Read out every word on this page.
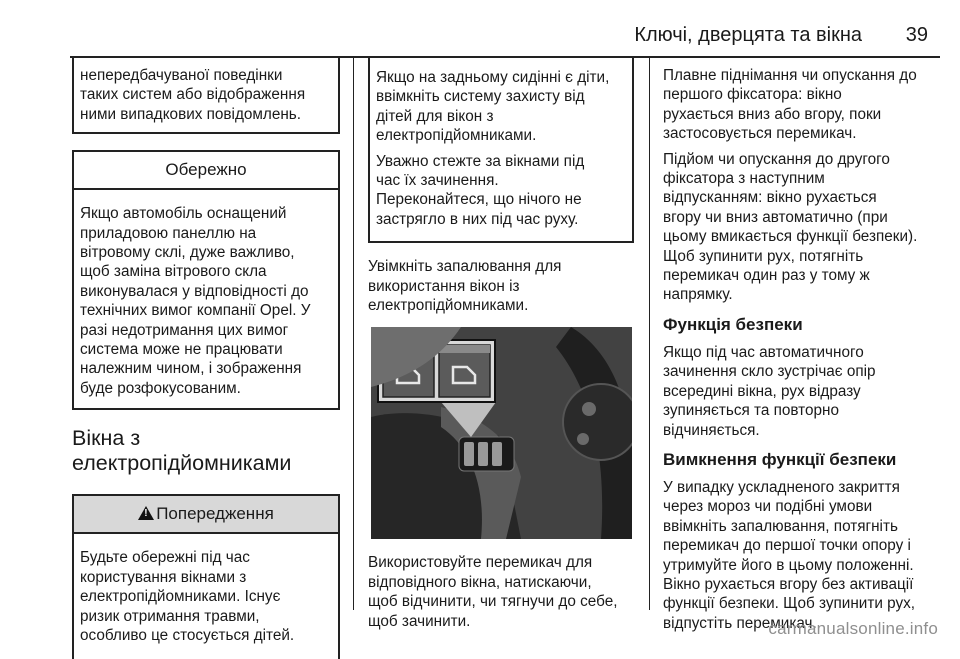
Ключі, дверцята та вікна 39
непередбачуваної поведінки
таких систем або відображення
ними випадкових повідомлень.
Обережно
Якщо автомобіль оснащений
приладовою панеллю на
вітровому склі, дуже важливо,
щоб заміна вітрового скла
виконувалася у відповідності до
технічних вимог компанії Opel. У
разі недотримання цих вимог
система може не працювати
належним чином, і зображення
буде розфокусованим.
Вікна з
електропідйомниками
! Попередження
Будьте обережні під час
користування вікнами з
електропідйомниками. Існує
ризик отримання травми,
особливо це стосується дітей.

Якщо на задньому сидінні є діти,
ввімкніть систему захисту від
дітей для вікон з
електропідйомниками.

Уважно стежте за вікнами під
час їх зачинення.
Переконайтеся, що нічого не
застрягло в них під час руху.

Увімкніть запалювання для
використання вікон із
електропідйомниками.

Використовуйте перемикач для
відповідного вікна, натискаючи,
щоб відчинити, чи тягнучи до себе,
щоб зачинити.

Плавне піднімання чи опускання до
першого фіксатора: вікно
рухається вниз або вгору, поки
застосовується перемикач.

Підйом чи опускання до другого
фіксатора з наступним
відпусканням: вікно рухається
вгору чи вниз автоматично (при
цьому вмикається функції безпеки).
Щоб зупинити рух, потягніть
перемикач один раз у тому ж
напрямку.

Функція безпеки

Якщо під час автоматичного
зачинення скло зустрічає опір
всередині вікна, рух відразу
зупиняється та повторно
відчиняється.

Вимкнення функції безпеки

У випадку ускладненого закриття
через мороз чи подібні умови
ввімкніть запалювання, потягніть
перемикач до першої точки опору і
утримуйте його в цьому положенні.
Вікно рухається вгору без активації
функції безпеки. Щоб зупинити рух,
відпустіть перемикач.

carmanualsonline.info
